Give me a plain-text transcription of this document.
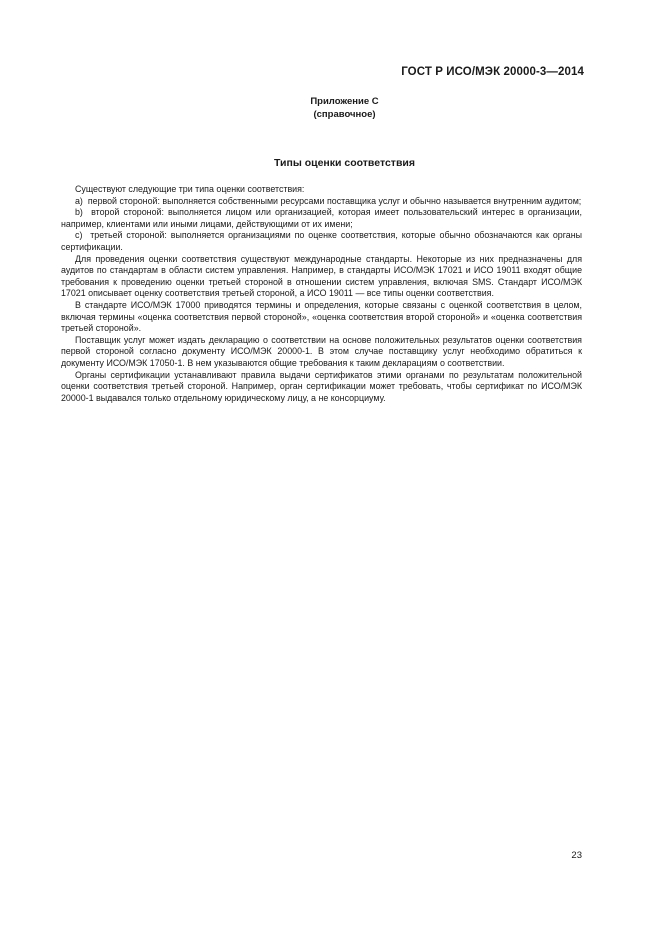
ГОСТ Р ИСО/МЭК 20000-3—2014
Приложение С
(справочное)
Типы оценки соответствия

Существуют следующие три типа оценки соответствия:

a)  первой стороной: выполняется собственными ресурсами поставщика услуг и обычно называется внутренним аудитом;

b)  второй стороной: выполняется лицом или организацией, которая имеет пользовательский интерес в организации, например, клиентами или иными лицами, действующими от их имени;

c)  третьей стороной: выполняется организациями по оценке соответствия, которые обычно обозначаются как органы сертификации.

Для проведения оценки соответствия существуют международные стандарты. Некоторые из них предназначены для аудитов по стандартам в области систем управления. Например, в стандарты ИСО/МЭК 17021 и ИСО 19011 входят общие требования к проведению оценки третьей стороной в отношении систем управления, включая SMS. Стандарт ИСО/МЭК 17021 описывает оценку соответствия третьей стороной, а ИСО 19011 — все типы оценки соответствия.

В стандарте ИСО/МЭК 17000 приводятся термины и определения, которые связаны с оценкой соответствия в целом, включая термины «оценка соответствия первой стороной», «оценка соответствия второй стороной» и «оценка соответствия третьей стороной».

Поставщик услуг может издать декларацию о соответствии на основе положительных результатов оценки соответствия первой стороной согласно документу ИСО/МЭК 20000-1. В этом случае поставщику услуг необходимо обратиться к документу ИСО/МЭК 17050-1. В нем указываются общие требования к таким декларациям о соответствии.

Органы сертификации устанавливают правила выдачи сертификатов этими органами по результатам положительной оценки соответствия третьей стороной. Например, орган сертификации может требовать, чтобы сертификат по ИСО/МЭК 20000-1 выдавался только отдельному юридическому лицу, а не консорциуму.

23
